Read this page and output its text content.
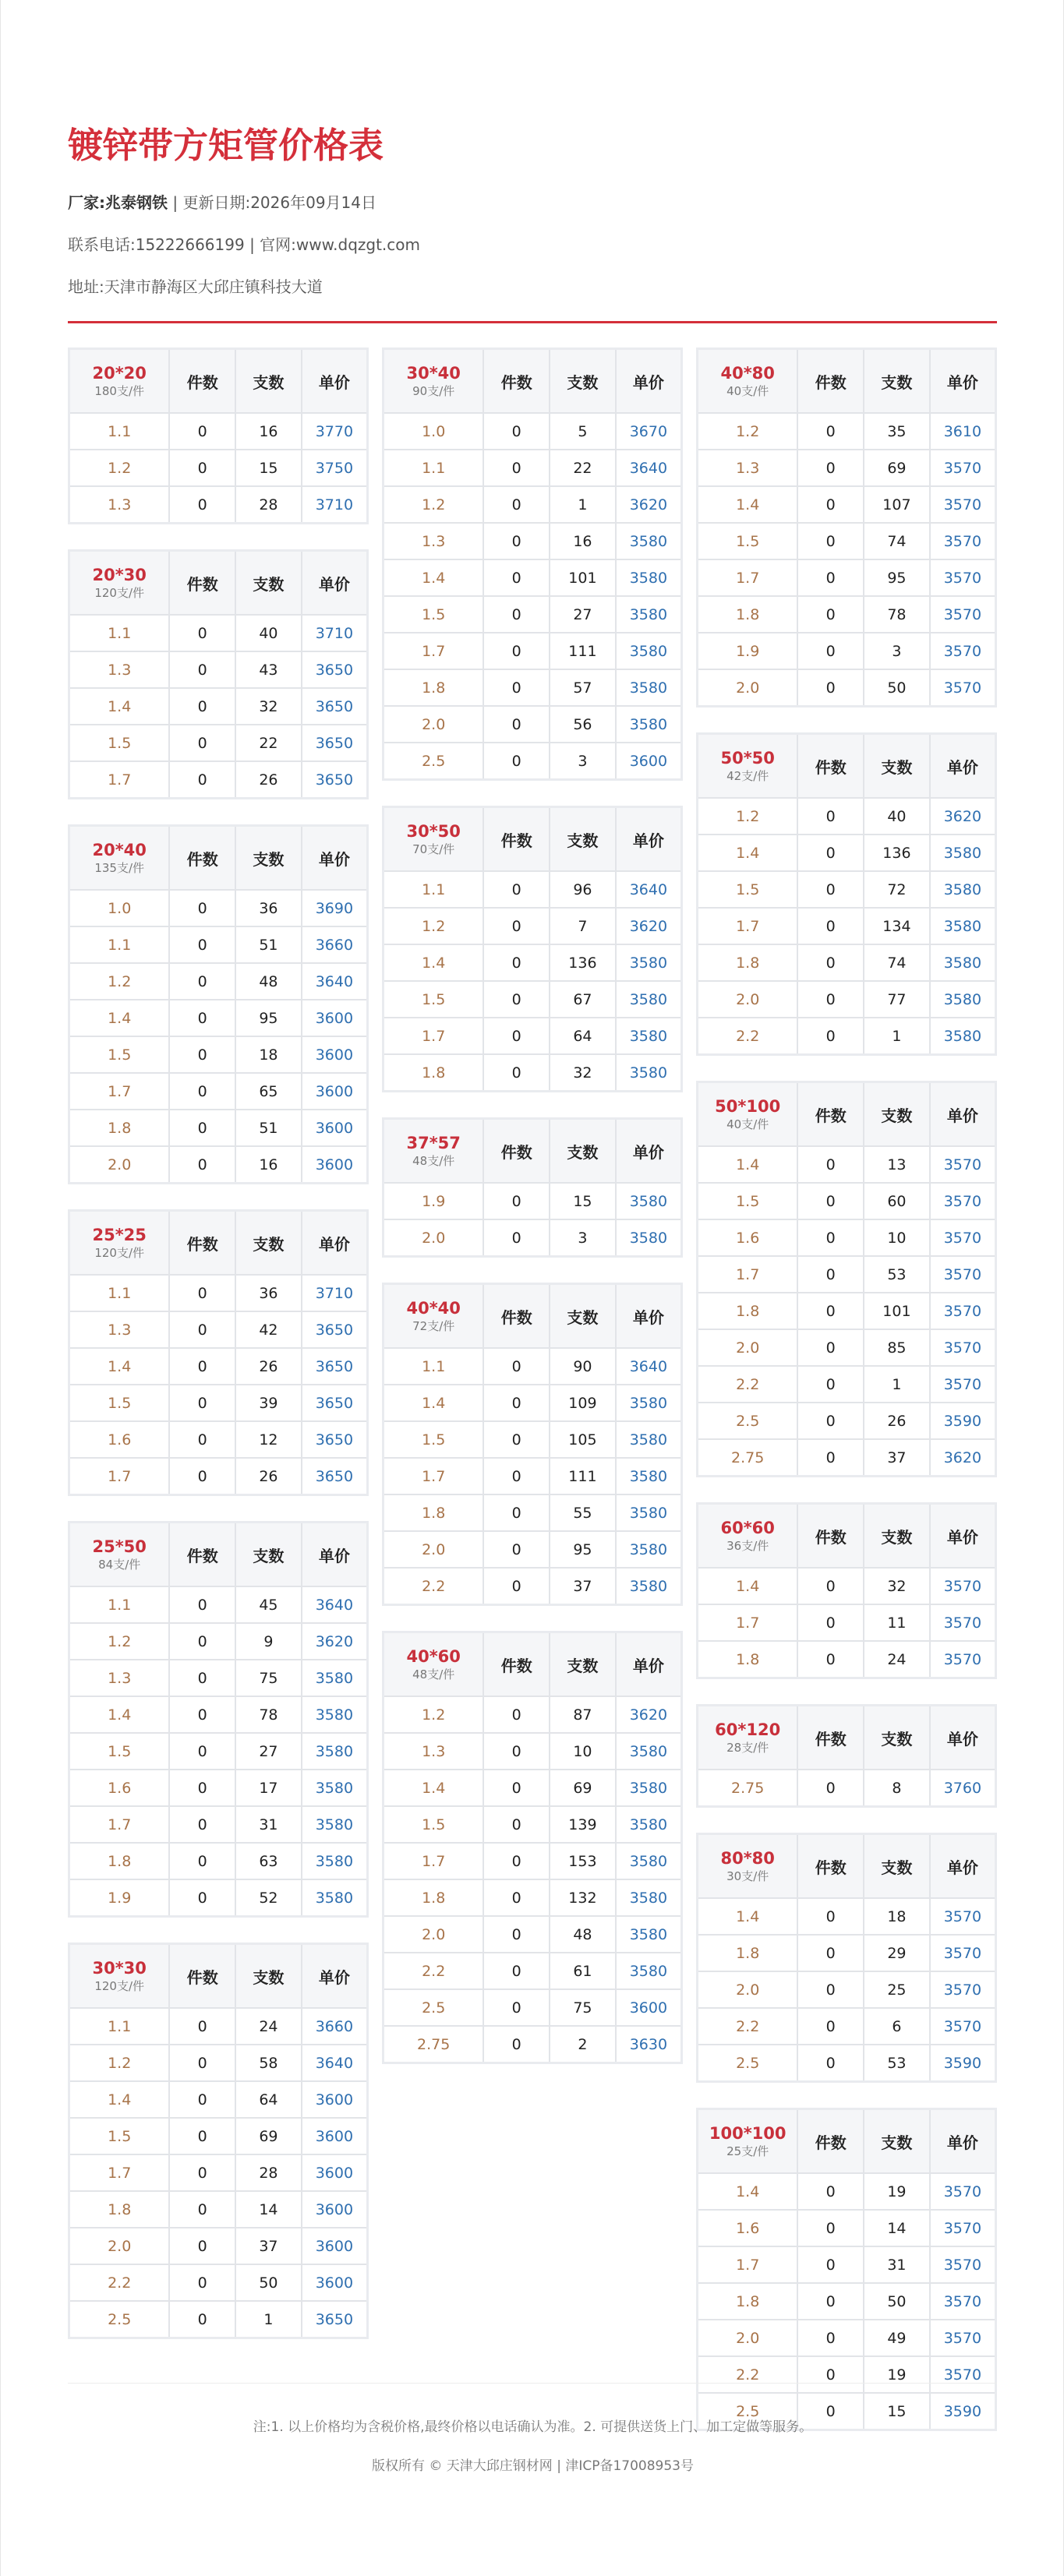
镀锌带方矩管价格表

厂家:兆泰钢铁 | 更新日期:2026年09月14日

联系电话:15222666199 | 官网:www.dqzgt.com

地址:天津市静海区大邱庄镇科技大道

20*20
180支/件	件数	支数	单价
1.1	0	16	3770
1.2	0	15	3750
1.3	0	28	3710
20*30
120支/件	件数	支数	单价
1.1	0	40	3710
1.3	0	43	3650
1.4	0	32	3650
1.5	0	22	3650
1.7	0	26	3650
20*40
135支/件	件数	支数	单价
1.0	0	36	3690
1.1	0	51	3660
1.2	0	48	3640
1.4	0	95	3600
1.5	0	18	3600
1.7	0	65	3600
1.8	0	51	3600
2.0	0	16	3600
25*25
120支/件	件数	支数	单价
1.1	0	36	3710
1.3	0	42	3650
1.4	0	26	3650
1.5	0	39	3650
1.6	0	12	3650
1.7	0	26	3650
25*50
84支/件	件数	支数	单价
1.1	0	45	3640
1.2	0	9	3620
1.3	0	75	3580
1.4	0	78	3580
1.5	0	27	3580
1.6	0	17	3580
1.7	0	31	3580
1.8	0	63	3580
1.9	0	52	3580
30*30
120支/件	件数	支数	单价
1.1	0	24	3660
1.2	0	58	3640
1.4	0	64	3600
1.5	0	69	3600
1.7	0	28	3600
1.8	0	14	3600
2.0	0	37	3600
2.2	0	50	3600
2.5	0	1	3650
30*40
90支/件	件数	支数	单价
1.0	0	5	3670
1.1	0	22	3640
1.2	0	1	3620
1.3	0	16	3580
1.4	0	101	3580
1.5	0	27	3580
1.7	0	111	3580
1.8	0	57	3580
2.0	0	56	3580
2.5	0	3	3600
30*50
70支/件	件数	支数	单价
1.1	0	96	3640
1.2	0	7	3620
1.4	0	136	3580
1.5	0	67	3580
1.7	0	64	3580
1.8	0	32	3580
37*57
48支/件	件数	支数	单价
1.9	0	15	3580
2.0	0	3	3580
40*40
72支/件	件数	支数	单价
1.1	0	90	3640
1.4	0	109	3580
1.5	0	105	3580
1.7	0	111	3580
1.8	0	55	3580
2.0	0	95	3580
2.2	0	37	3580
40*60
48支/件	件数	支数	单价
1.2	0	87	3620
1.3	0	10	3580
1.4	0	69	3580
1.5	0	139	3580
1.7	0	153	3580
1.8	0	132	3580
2.0	0	48	3580
2.2	0	61	3580
2.5	0	75	3600
2.75	0	2	3630
40*80
40支/件	件数	支数	单价
1.2	0	35	3610
1.3	0	69	3570
1.4	0	107	3570
1.5	0	74	3570
1.7	0	95	3570
1.8	0	78	3570
1.9	0	3	3570
2.0	0	50	3570
50*50
42支/件	件数	支数	单价
1.2	0	40	3620
1.4	0	136	3580
1.5	0	72	3580
1.7	0	134	3580
1.8	0	74	3580
2.0	0	77	3580
2.2	0	1	3580
50*100
40支/件	件数	支数	单价
1.4	0	13	3570
1.5	0	60	3570
1.6	0	10	3570
1.7	0	53	3570
1.8	0	101	3570
2.0	0	85	3570
2.2	0	1	3570
2.5	0	26	3590
2.75	0	37	3620
60*60
36支/件	件数	支数	单价
1.4	0	32	3570
1.7	0	11	3570
1.8	0	24	3570
60*120
28支/件	件数	支数	单价
2.75	0	8	3760
80*80
30支/件	件数	支数	单价
1.4	0	18	3570
1.8	0	29	3570
2.0	0	25	3570
2.2	0	6	3570
2.5	0	53	3590
100*100
25支/件	件数	支数	单价
1.4	0	19	3570
1.6	0	14	3570
1.7	0	31	3570
1.8	0	50	3570
2.0	0	49	3570
2.2	0	19	3570
2.5	0	15	3590

注:1. 以上价格均为含税价格,最终价格以电话确认为准。2. 可提供送货上门、加工定做等服务。

版权所有 © 天津大邱庄钢材网 | 津ICP备17008953号
